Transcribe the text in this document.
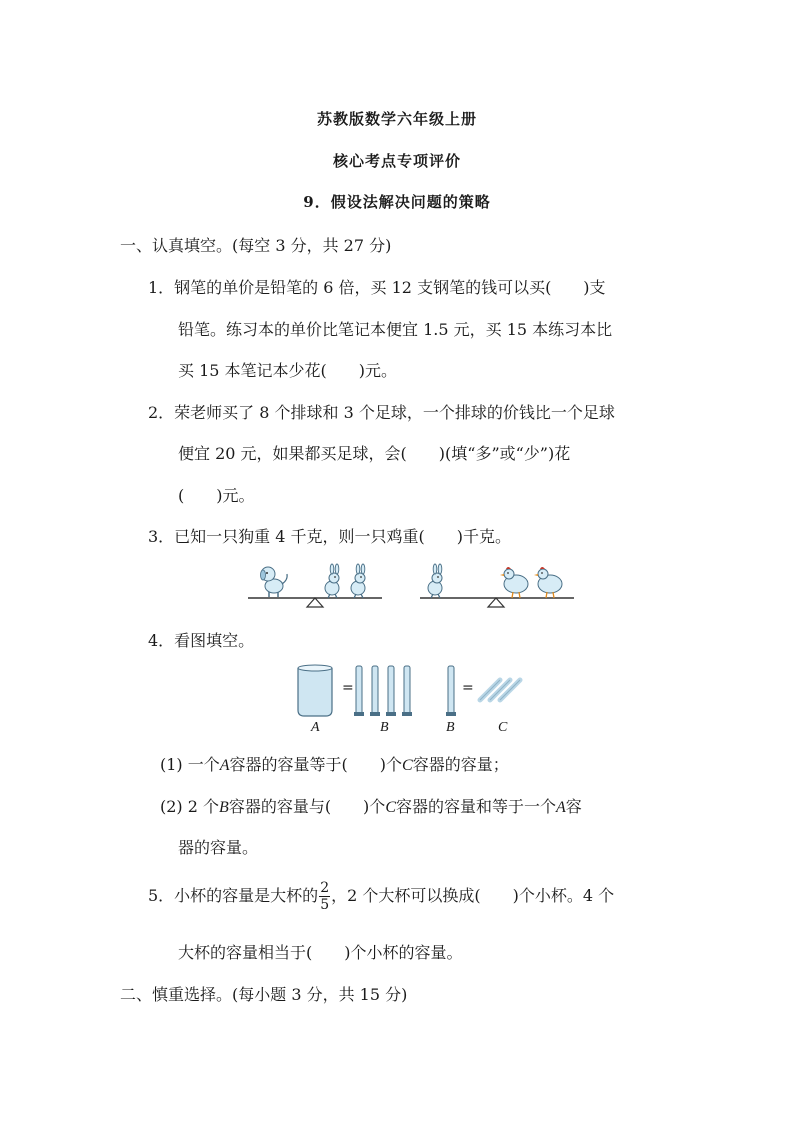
苏教版数学六年级上册
核心考点专项评价
9．假设法解决问题的策略
一、认真填空。(每空 3 分，共 27 分)
1．钢笔的单价是铅笔的 6 倍，买 12 支钢笔的钱可以买(　　)支
铅笔。练习本的单价比笔记本便宜 1.5 元，买 15 本练习本比
买 15 本笔记本少花(　　)元。
2．荣老师买了 8 个排球和 3 个足球，一个排球的价钱比一个足球
便宜 20 元，如果都买足球，会(　　)(填“多”或“少”)花
(　　)元。
3．已知一只狗重 4 千克，则一只鸡重(　　)千克。
4．看图填空。
=	=
A	B	B	C
(1) 一个A容器的容量等于(　　)个C容器的容量；
(2) 2 个B容器的容量与(　　)个C容器的容量和等于一个A容
器的容量。
5．小杯的容量是大杯的 $\frac{2}{5}$ ，2 个大杯可以换成(　　)个小杯。4 个
大杯的容量相当于(　　)个小杯的容量。
二、慎重选择。(每小题 3 分，共 15 分)
